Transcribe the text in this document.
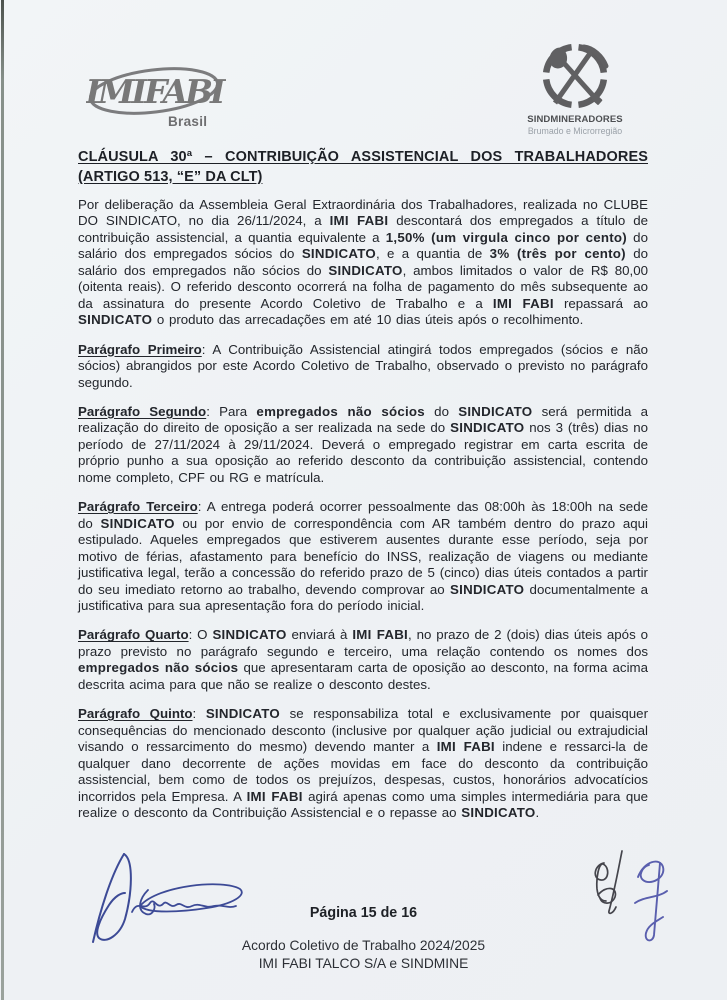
IMIFABI
Brasil	SINDMINERADORES
Brumado e Microrregião
CLÁUSULA 30ª – CONTRIBUIÇÃO ASSISTENCIAL DOS TRABALHADORES (ARTIGO 513, “E” DA CLT)
Por deliberação da Assembleia Geral Extraordinária dos Trabalhadores, realizada no CLUBE DO SINDICATO, no dia 26/11/2024, a IMI FABI descontará dos empregados a título de contribuição assistencial, a quantia equivalente a 1,50% (um virgula cinco por cento) do salário dos empregados sócios do SINDICATO, e a quantia de 3% (três por cento) do salário dos empregados não sócios do SINDICATO, ambos limitados o valor de R$ 80,00 (oitenta reais). O referido desconto ocorrerá na folha de pagamento do mês subsequente ao da assinatura do presente Acordo Coletivo de Trabalho e a IMI FABI repassará ao SINDICATO o produto das arrecadações em até 10 dias úteis após o recolhimento.
Parágrafo Primeiro: A Contribuição Assistencial atingirá todos empregados (sócios e não sócios) abrangidos por este Acordo Coletivo de Trabalho, observado o previsto no parágrafo segundo.
Parágrafo Segundo: Para empregados não sócios do SINDICATO será permitida a realização do direito de oposição a ser realizada na sede do SINDICATO nos 3 (três) dias no período de 27/11/2024 à 29/11/2024. Deverá o empregado registrar em carta escrita de próprio punho a sua oposição ao referido desconto da contribuição assistencial, contendo nome completo, CPF ou RG e matrícula.
Parágrafo Terceiro: A entrega poderá ocorrer pessoalmente das 08:00h às 18:00h na sede do SINDICATO ou por envio de correspondência com AR também dentro do prazo aqui estipulado. Aqueles empregados que estiverem ausentes durante esse período, seja por motivo de férias, afastamento para benefício do INSS, realização de viagens ou mediante justificativa legal, terão a concessão do referido prazo de 5 (cinco) dias úteis contados a partir do seu imediato retorno ao trabalho, devendo comprovar ao SINDICATO documentalmente a justificativa para sua apresentação fora do período inicial.
Parágrafo Quarto: O SINDICATO enviará à IMI FABI, no prazo de 2 (dois) dias úteis após o prazo previsto no parágrafo segundo e terceiro, uma relação contendo os nomes dos empregados não sócios que apresentaram carta de oposição ao desconto, na forma acima descrita acima para que não se realize o desconto destes.
Parágrafo Quinto: SINDICATO se responsabiliza total e exclusivamente por quaisquer consequências do mencionado desconto (inclusive por qualquer ação judicial ou extrajudicial visando o ressarcimento do mesmo) devendo manter a IMI FABI indene e ressarci-la de qualquer dano decorrente de ações movidas em face do desconto da contribuição assistencial, bem como de todos os prejuízos, despesas, custos, honorários advocatícios incorridos pela Empresa. A IMI FABI agirá apenas como uma simples intermediária para que realize o desconto da Contribuição Assistencial e o repasse ao SINDICATO.
Página 15 de 16
Acordo Coletivo de Trabalho 2024/2025
IMI FABI TALCO S/A e SINDMINE
